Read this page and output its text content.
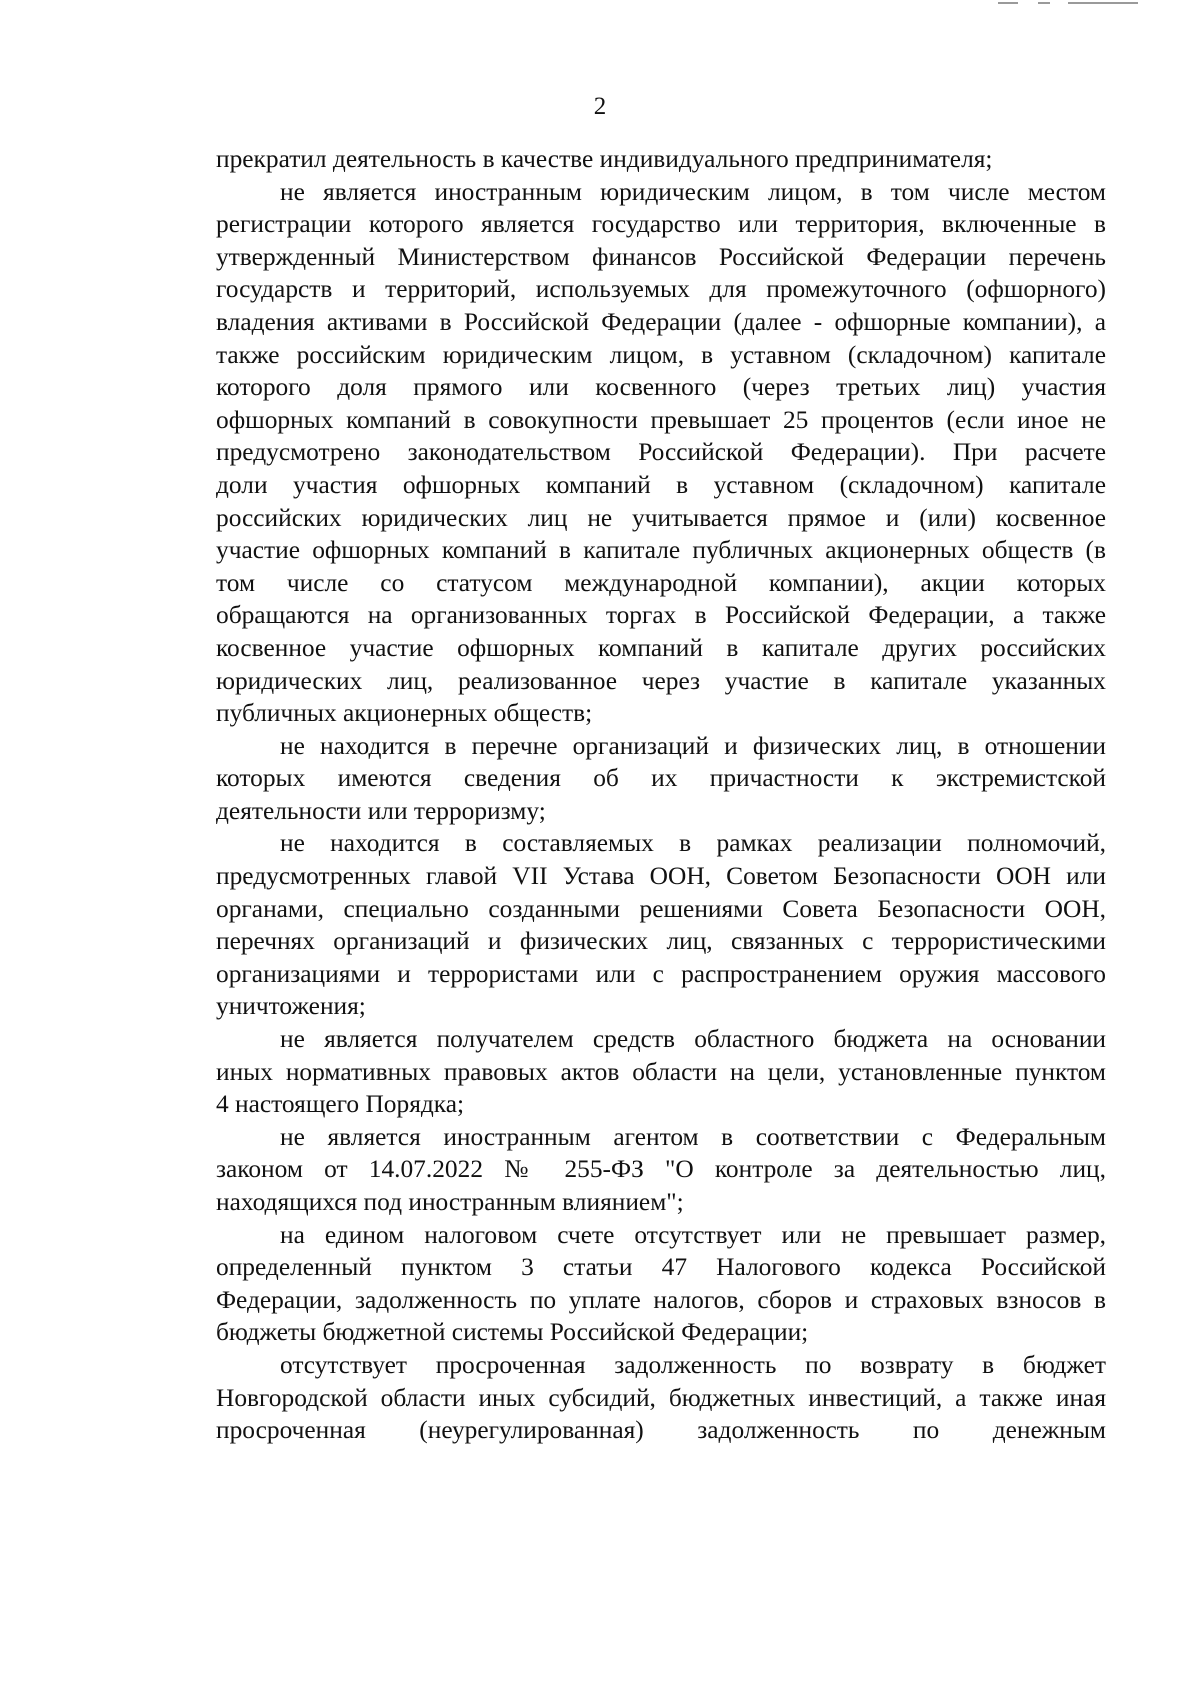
2
прекратил деятельность в качестве индивидуального предпринимателя;
не является иностранным юридическим лицом, в том числе местом
регистрации которого является государство или территория, включенные в
утвержденный Министерством финансов Российской Федерации перечень
государств и территорий, используемых для промежуточного (офшорного)
владения активами в Российской Федерации (далее - офшорные компании), а
также российским юридическим лицом, в уставном (складочном) капитале
которого доля прямого или косвенного (через третьих лиц) участия
офшорных компаний в совокупности превышает 25 процентов (если иное не
предусмотрено законодательством Российской Федерации). При расчете
доли участия офшорных компаний в уставном (складочном) капитале
российских юридических лиц не учитывается прямое и (или) косвенное
участие офшорных компаний в капитале публичных акционерных обществ (в
том числе со статусом международной компании), акции которых
обращаются на организованных торгах в Российской Федерации, а также
косвенное участие офшорных компаний в капитале других российских
юридических лиц, реализованное через участие в капитале указанных
публичных акционерных обществ;
не находится в перечне организаций и физических лиц, в отношении
которых имеются сведения об их причастности к экстремистской
деятельности или терроризму;
не находится в составляемых в рамках реализации полномочий,
предусмотренных главой VII Устава ООН, Советом Безопасности ООН или
органами, специально созданными решениями Совета Безопасности ООН,
перечнях организаций и физических лиц, связанных с террористическими
организациями и террористами или с распространением оружия массового
уничтожения;
не является получателем средств областного бюджета на основании
иных нормативных правовых актов области на цели, установленные пунктом
4 настоящего Порядка;
не является иностранным агентом в соответствии с Федеральным
законом от 14.07.2022 № 255-ФЗ "О контроле за деятельностью лиц,
находящихся под иностранным влиянием";
на едином налоговом счете отсутствует или не превышает размер,
определенный пунктом 3 статьи 47 Налогового кодекса Российской
Федерации, задолженность по уплате налогов, сборов и страховых взносов в
бюджеты бюджетной системы Российской Федерации;
отсутствует просроченная задолженность по возврату в бюджет
Новгородской области иных субсидий, бюджетных инвестиций, а также иная
просроченная (неурегулированная) задолженность по денежным
